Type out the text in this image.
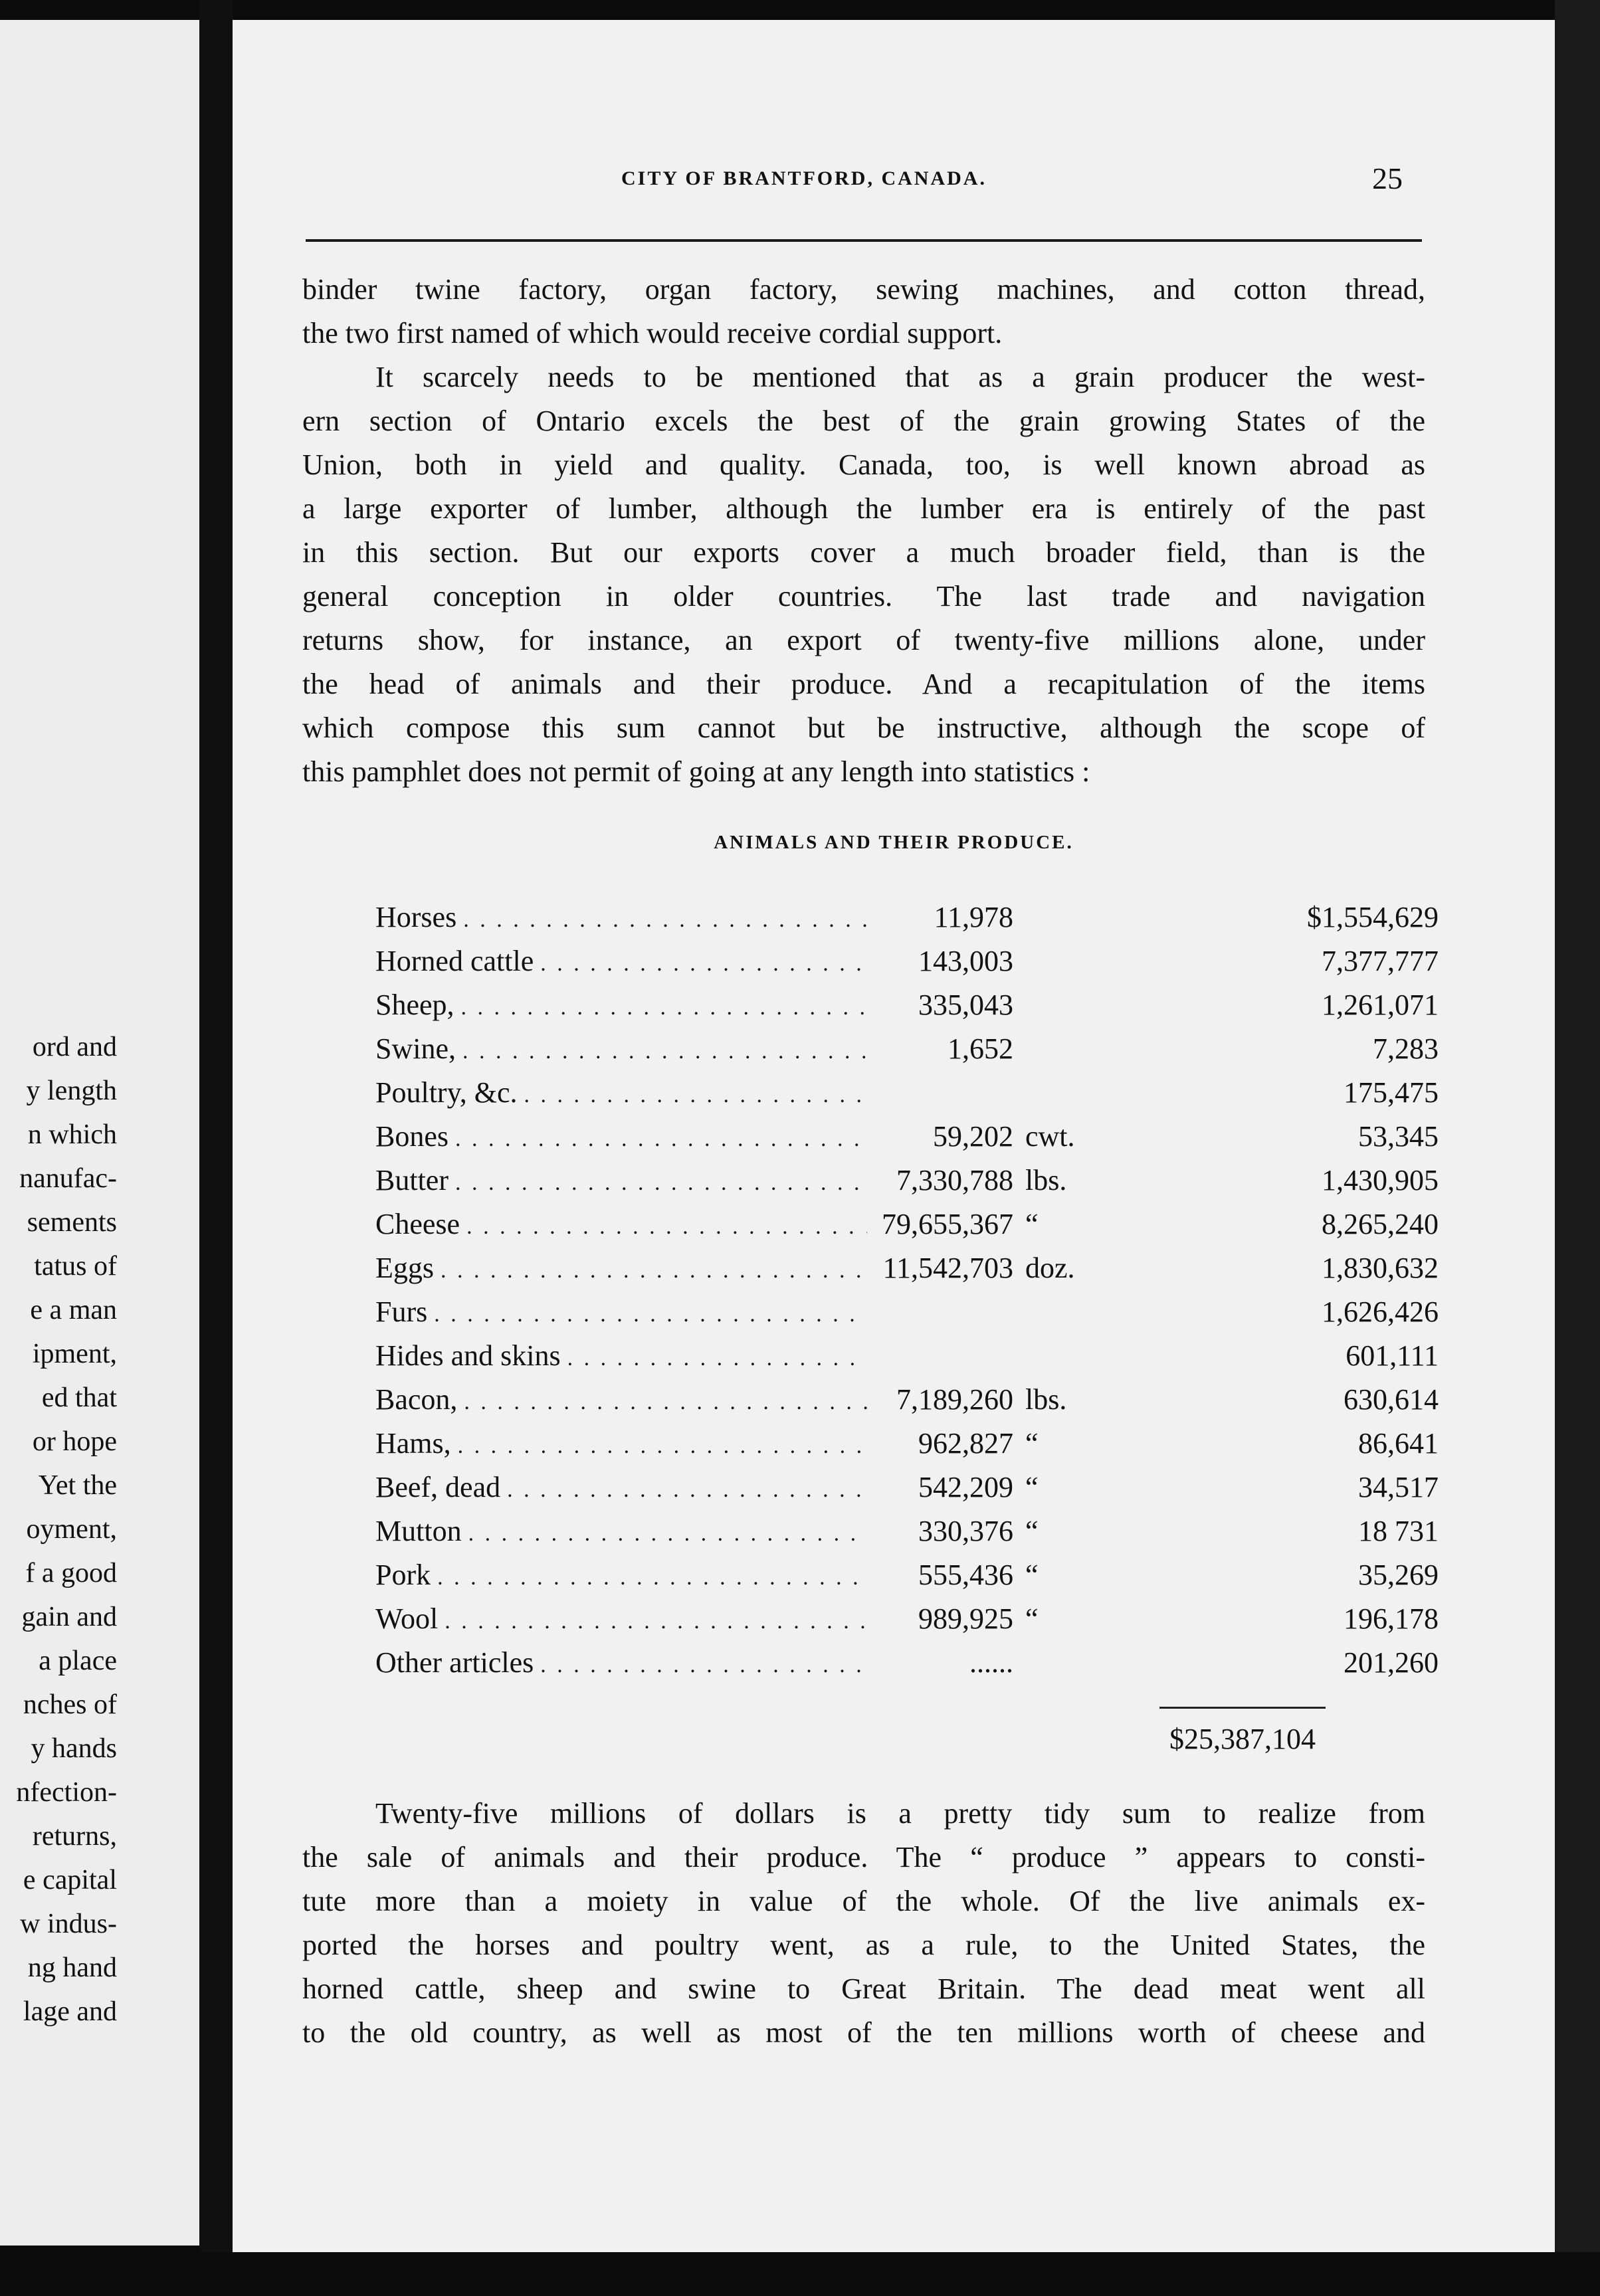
ord and
y length
n which
nanufac-
sements
tatus of
e a man
ipment,
ed that
or hope
Yet the
oyment,
f a good
gain and
a place
nches of
y hands
nfection-
returns,
e capital
w indus-
ng hand
lage and
CITY OF BRANTFORD, CANADA.	25
binder twine factory, organ factory, sewing machines, and cotton thread,
the two first named of which would receive cordial support.
It scarcely needs to be mentioned that as a grain producer the west-
ern section of Ontario excels the best of the grain growing States of the
Union, both in yield and quality. Canada, too, is well known abroad as
a large exporter of lumber, although the lumber era is entirely of the past
in this section. But our exports cover a much broader field, than is the
general conception in older countries. The last trade and navigation
returns show, for instance, an export of twenty-five millions alone, under
the head of animals and their produce. And a recapitulation of the items
which compose this sum cannot but be instructive, although the scope of
this pamphlet does not permit of going at any length into statistics :
ANIMALS AND THEIR PRODUCE.
Horses . . .	11,978	$1,554,629
Horned cattle . . .	143,003	7,377,777
Sheep, . . .	335,043	1,261,071
Swine, . . .	1,652	7,283
Poultry, &c. . . .	175,475
Bones . . .	59,202 cwt.	53,345
Butter . . .	7,330,788 lbs.	1,430,905
Cheese . . .	79,655,367 “	8,265,240
Eggs . . .	11,542,703 doz.	1,830,632
Furs . . .	1,626,426
Hides and skins . . .	601,111
Bacon, . . .	7,189,260 lbs.	630,614
Hams, . . .	962,827 “	86,641
Beef, dead . . .	542,209 “	34,517
Mutton . . .	330,376 “	18 731
Pork . . .	555,436 “	35,269
Wool . . .	989,925 “	196,178
Other articles . . .	......	201,260
$25,387,104
Twenty-five millions of dollars is a pretty tidy sum to realize from
the sale of animals and their produce. The “ produce ” appears to consti-
tute more than a moiety in value of the whole. Of the live animals ex-
ported the horses and poultry went, as a rule, to the United States, the
horned cattle, sheep and swine to Great Britain. The dead meat went all
to the old country, as well as most of the ten millions worth of cheese and
